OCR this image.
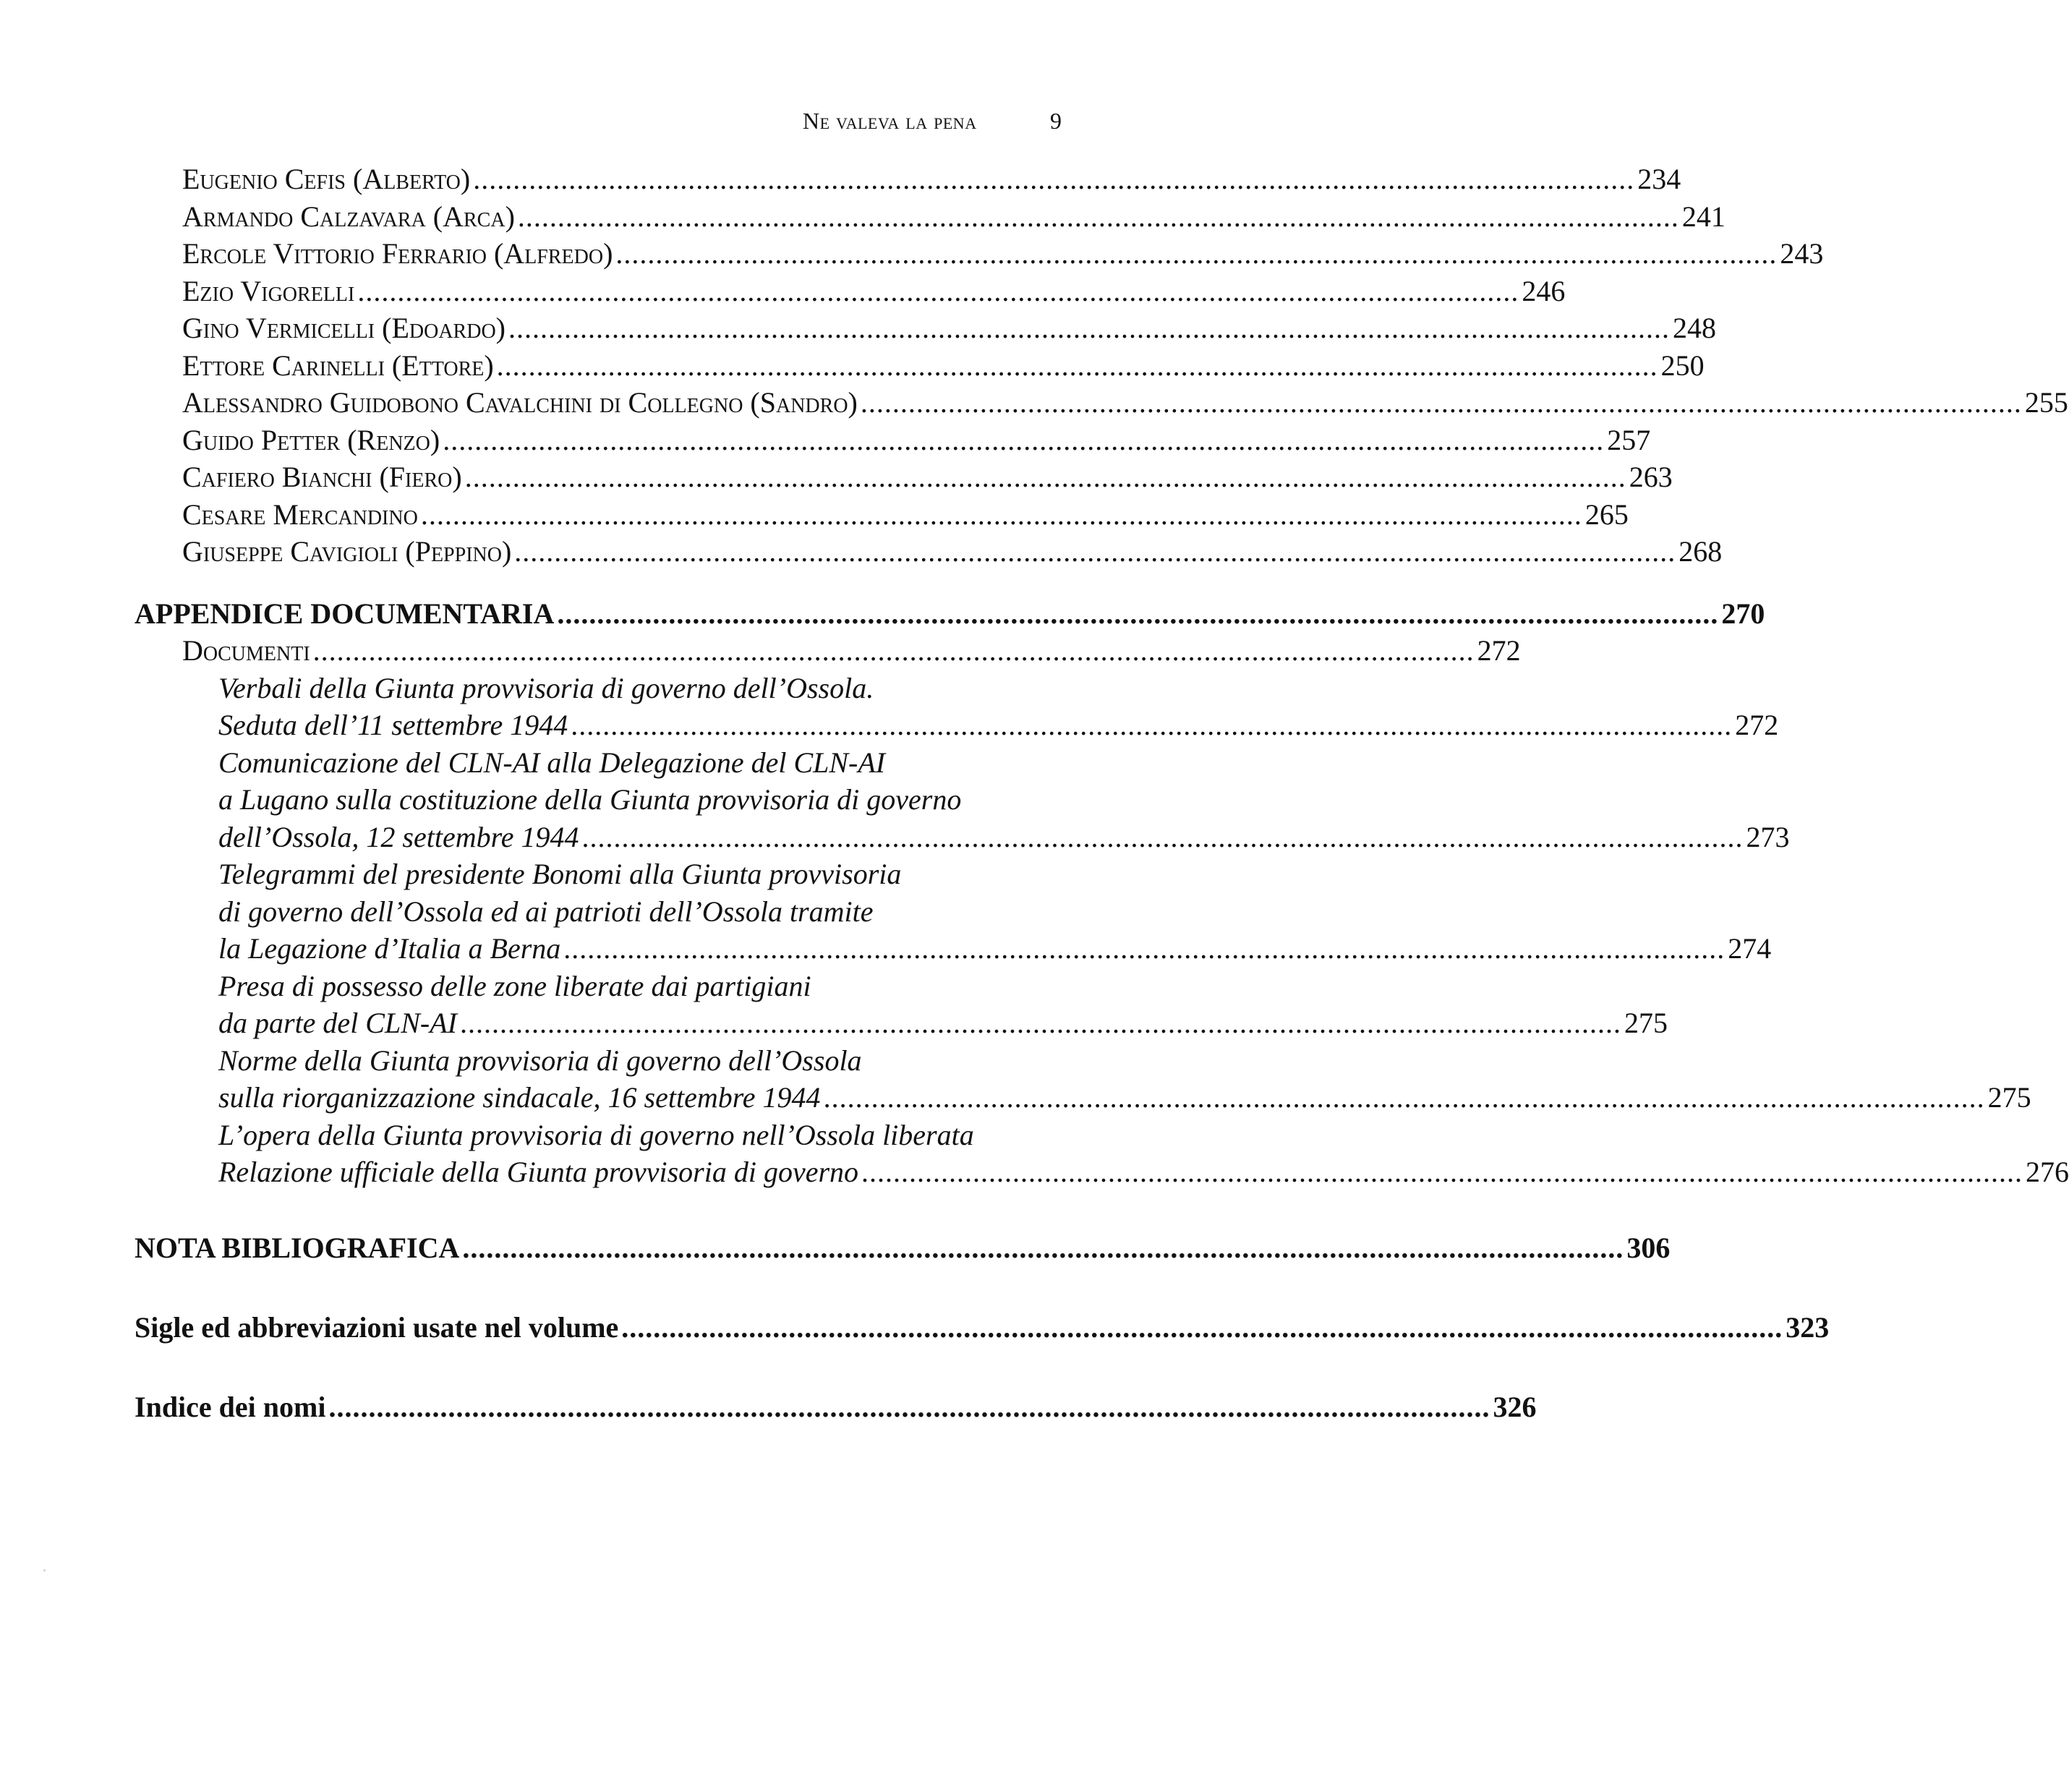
Ne valeva la pena	9
Eugenio Cefis (Alberto) .................................................................................................................................................. 234
Armando Calzavara (Arca) .................................................................................................................................................. 241
Ercole Vittorio Ferrario (Alfredo) .................................................................................................................................................. 243
Ezio Vigorelli .................................................................................................................................................. 246
Gino Vermicelli (Edoardo) .................................................................................................................................................. 248
Ettore Carinelli (Ettore) .................................................................................................................................................. 250
Alessandro Guidobono Cavalchini di Collegno (Sandro) .................................................................................................................................................. 255
Guido Petter (Renzo) .................................................................................................................................................. 257
Cafiero Bianchi (Fiero) .................................................................................................................................................. 263
Cesare Mercandino .................................................................................................................................................. 265
Giuseppe Cavigioli (Peppino) .................................................................................................................................................. 268
APPENDICE DOCUMENTARIA .................................................................................................................................................. 270
Documenti .................................................................................................................................................. 272
Verbali della Giunta provvisoria di governo dell’Ossola.
Seduta dell’11 settembre 1944 .................................................................................................................................................. 272
Comunicazione del CLN-AI alla Delegazione del CLN-AI
a Lugano sulla costituzione della Giunta provvisoria di governo
dell’Ossola, 12 settembre 1944 .................................................................................................................................................. 273
Telegrammi del presidente Bonomi alla Giunta provvisoria
di governo dell’Ossola ed ai patrioti dell’Ossola tramite
la Legazione d’Italia a Berna .................................................................................................................................................. 274
Presa di possesso delle zone liberate dai partigiani
da parte del CLN-AI .................................................................................................................................................. 275
Norme della Giunta provvisoria di governo dell’Ossola
sulla riorganizzazione sindacale, 16 settembre 1944 .................................................................................................................................................. 275
L’opera della Giunta provvisoria di governo nell’Ossola liberata
Relazione ufficiale della Giunta provvisoria di governo .................................................................................................................................................. 276
NOTA BIBLIOGRAFICA .................................................................................................................................................. 306
Sigle ed abbreviazioni usate nel volume .................................................................................................................................................. 323
Indice dei nomi .................................................................................................................................................. 326
